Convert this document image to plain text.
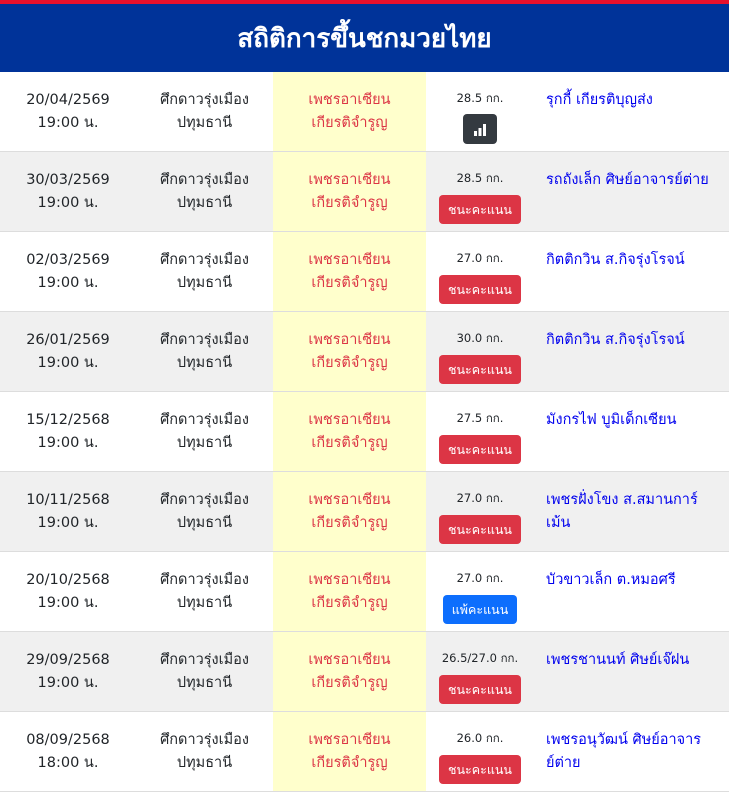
สถิติการขึ้นชกมวยไทย
20/04/2569
19:00 น.
ศึกดาวรุ่งเมือง
ปทุมธานี
เพชรอาเซียน
เกียรติจำรูญ
28.5 กก.	รุกกี้ เกียรติบุญส่ง
30/03/2569
19:00 น.
ศึกดาวรุ่งเมือง
ปทุมธานี
เพชรอาเซียน
เกียรติจำรูญ
28.5 กก.
ชนะคะแนน
รถถังเล็ก ศิษย์อาจารย์ต่าย
02/03/2569
19:00 น.
ศึกดาวรุ่งเมือง
ปทุมธานี
เพชรอาเซียน
เกียรติจำรูญ
27.0 กก.
ชนะคะแนน
กิตติกวิน ส.กิจรุ่งโรจน์
26/01/2569
19:00 น.
ศึกดาวรุ่งเมือง
ปทุมธานี
เพชรอาเซียน
เกียรติจำรูญ
30.0 กก.
ชนะคะแนน
กิตติกวิน ส.กิจรุ่งโรจน์
15/12/2568
19:00 น.
ศึกดาวรุ่งเมือง
ปทุมธานี
เพชรอาเซียน
เกียรติจำรูญ
27.5 กก.
ชนะคะแนน
มังกรไฟ บูมิเด็กเซียน
10/11/2568
19:00 น.
ศึกดาวรุ่งเมือง
ปทุมธานี
เพชรอาเซียน
เกียรติจำรูญ
27.0 กก.
ชนะคะแนน
เพชรฝั่งโขง ส.สมานการ์เม้น
20/10/2568
19:00 น.
ศึกดาวรุ่งเมือง
ปทุมธานี
เพชรอาเซียน
เกียรติจำรูญ
27.0 กก.
แพ้คะแนน
บัวขาวเล็ก ต.หมอศรี
29/09/2568
19:00 น.
ศึกดาวรุ่งเมือง
ปทุมธานี
เพชรอาเซียน
เกียรติจำรูญ
26.5/27.0 กก.
ชนะคะแนน
เพชรชานนท์ ศิษย์เจ๊ฝน
08/09/2568
18:00 น.
ศึกดาวรุ่งเมือง
ปทุมธานี
เพชรอาเซียน
เกียรติจำรูญ
26.0 กก.
ชนะคะแนน
เพชรอนุวัฒน์ ศิษย์อาจารย์ต่าย
